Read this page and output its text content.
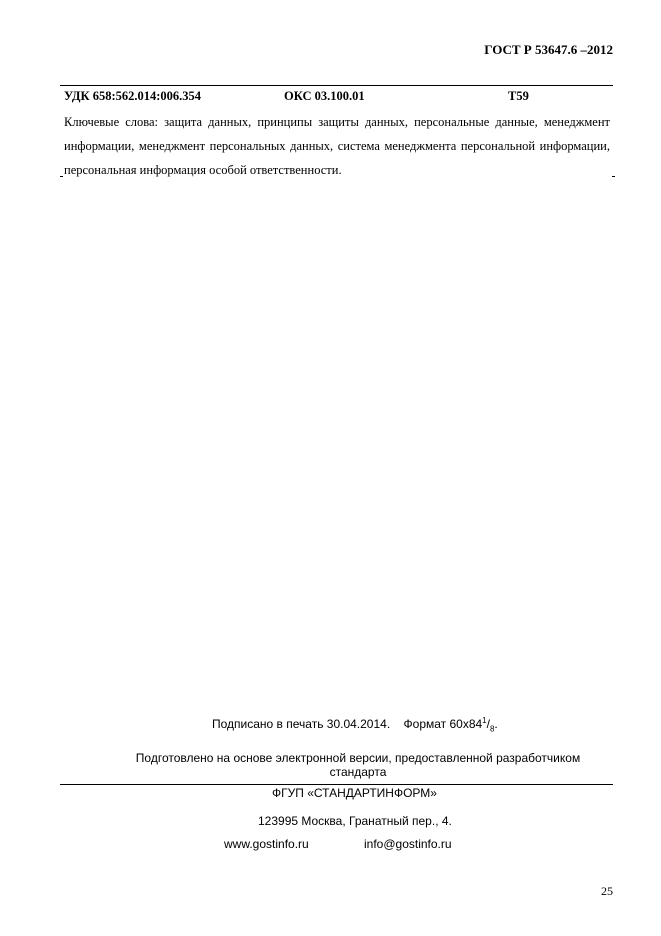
ГОСТ Р 53647.6 –2012
УДК 658:562.014:006.354	ОКС 03.100.01	Т59
Ключевые слова: защита данных, принципы защиты данных, персональные данные, менеджмент информации, менеджмент персональных данных, система менеджмента персональной информации, персональная информация особой ответственности.
Подписано в печать 30.04.2014. Формат $60х84^1/_8$.
Подготовлено на основе электронной версии, предоставленной разработчиком стандарта
ФГУП «СТАНДАРТИНФОРМ»
123995 Москва, Гранатный пер., 4.
www.gostinfo.ru	info@gostinfo.ru
25
